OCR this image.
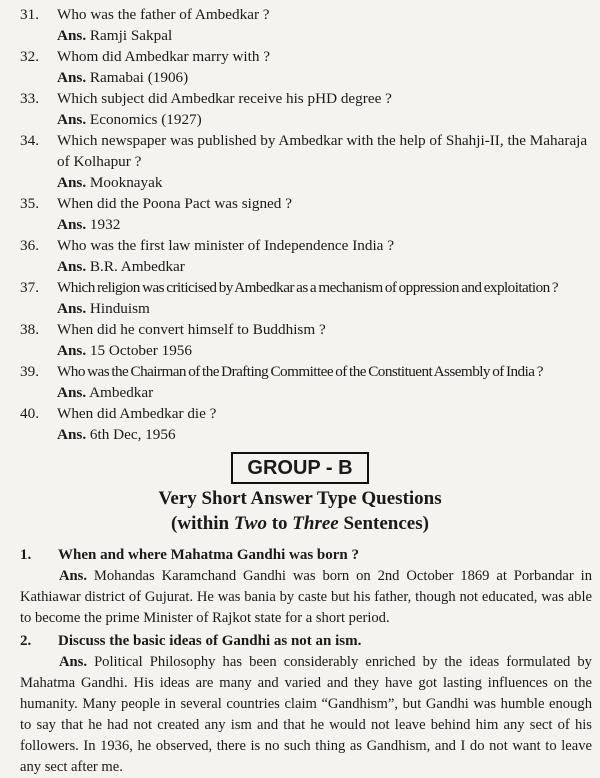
31.	Who was the father of Ambedkar ?
Ans. Ramji Sakpal
32.	Whom did Ambedkar marry with ?
Ans. Ramabai (1906)
33.	Which subject did Ambedkar receive his pHD degree ?
Ans. Economics (1927)
34.	Which newspaper was published by Ambedkar with the help of Shahji-II, the Maharaja of Kolhapur ?
Ans. Mooknayak
35.	When did the Poona Pact was signed ?
Ans. 1932
36.	Who was the first law minister of Independence India ?
Ans. B.R. Ambedkar
37.	Which religion was criticised by Ambedkar as a mechanism of oppression and exploitation ?
Ans. Hinduism
38.	When did he convert himself to Buddhism ?
Ans. 15 October 1956
39.	Who was the Chairman of the Drafting Committee of the Constituent Assembly of India ?
Ans. Ambedkar
40.	When did Ambedkar die ?
Ans. 6th Dec, 1956
GROUP - B
Very Short Answer Type Questions
(within Two to Three Sentences)
1.	When and where Mahatma Gandhi was born ?
Ans. Mohandas Karamchand Gandhi was born on 2nd October 1869 at Porbandar in Kathiawar district of Gujurat. He was bania by caste but his father, though not educated, was able to become the prime Minister of Rajkot state for a short period.
2.	Discuss the basic ideas of Gandhi as not an ism.
Ans. Political Philosophy has been considerably enriched by the ideas formulated by Mahatma Gandhi. His ideas are many and varied and they have got lasting influences on the humanity. Many people in several countries claim “Gandhism”, but Gandhi was humble enough to say that he had not created any ism and that he would not leave behind him any sect of his followers. In 1936, he observed, there is no such thing as Gandhism, and I do not want to leave any sect after me.
